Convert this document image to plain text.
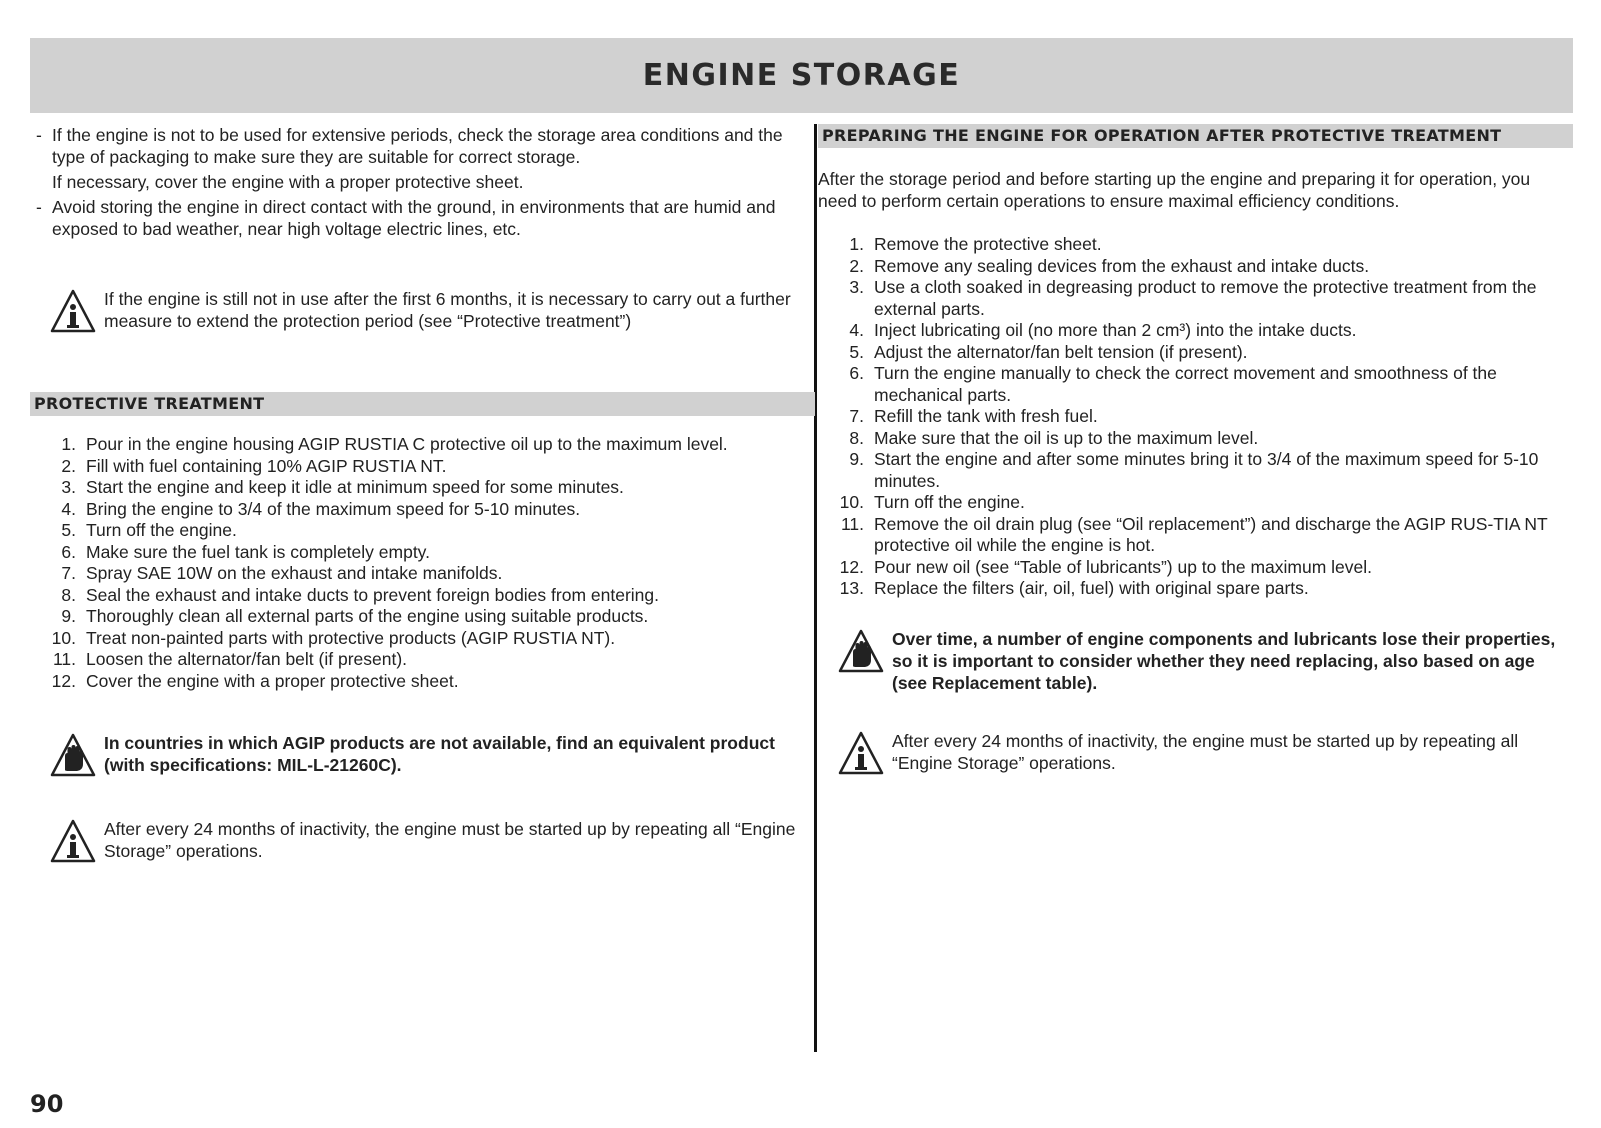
ENGINE STORAGE
- If the engine is not to be used for extensive periods, check the storage area conditions and the type of packaging to make sure they are suitable for correct storage.
If necessary, cover the engine with a proper protective sheet.
- Avoid storing the engine in direct contact with the ground, in environments that are humid and exposed to bad weather, near high voltage electric lines, etc.
If the engine is still not in use after the first 6 months, it is necessary to carry out a further measure to extend the protection period (see “Protective treatment”)
PROTECTIVE TREATMENT
1. Pour in the engine housing AGIP RUSTIA C protective oil up to the maximum level.
2. Fill with fuel containing 10% AGIP RUSTIA NT.
3. Start the engine and keep it idle at minimum speed for some minutes.
4. Bring the engine to 3/4 of the maximum speed for 5-10 minutes.
5. Turn off the engine.
6. Make sure the fuel tank is completely empty.
7. Spray SAE 10W on the exhaust and intake manifolds.
8. Seal the exhaust and intake ducts to prevent foreign bodies from entering.
9. Thoroughly clean all external parts of the engine using suitable products.
10. Treat non-painted parts with protective products (AGIP RUSTIA NT).
11. Loosen the alternator/fan belt (if present).
12. Cover the engine with a proper protective sheet.
In countries in which AGIP products are not available, find an equivalent product (with specifications: MIL-L-21260C).
After every 24 months of inactivity, the engine must be started up by repeating all “Engine Storage” operations.
PREPARING THE ENGINE FOR OPERATION AFTER PROTECTIVE TREATMENT

After the storage period and before starting up the engine and preparing it for operation, you need to perform certain operations to ensure maximal efficiency conditions.

1. Remove the protective sheet.
2. Remove any sealing devices from the exhaust and intake ducts.
3. Use a cloth soaked in degreasing product to remove the protective treatment from the external parts.
4. Inject lubricating oil (no more than 2 cm³) into the intake ducts.
5. Adjust the alternator/fan belt tension (if present).
6. Turn the engine manually to check the correct movement and smoothness of the mechanical parts.
7. Refill the tank with fresh fuel.
8. Make sure that the oil is up to the maximum level.
9. Start the engine and after some minutes bring it to 3/4 of the maximum speed for 5-10 minutes.
10. Turn off the engine.
11. Remove the oil drain plug (see “Oil replacement”) and discharge the AGIP RUS-TIA NT protective oil while the engine is hot.
12. Pour new oil (see “Table of lubricants”) up to the maximum level.
13. Replace the filters (air, oil, fuel) with original spare parts.
Over time, a number of engine components and lubricants lose their properties, so it is important to consider whether they need replacing, also based on age (see Replacement table).
After every 24 months of inactivity, the engine must be started up by repeating all “Engine Storage” operations.
90
